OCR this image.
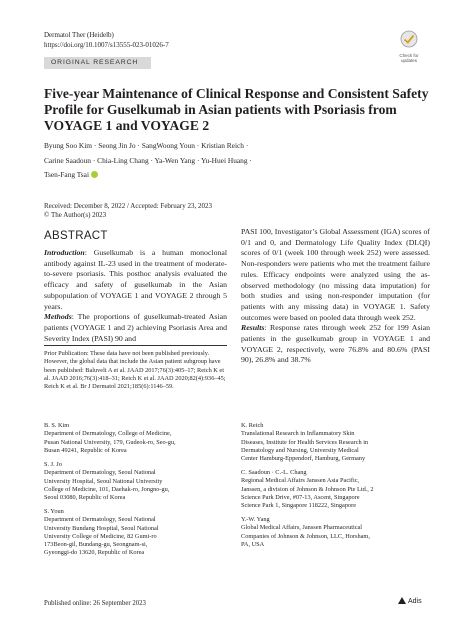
Dermatol Ther (Heidelb)
https://doi.org/10.1007/s13555-023-01026-7
Check for
updates
ORIGINAL RESEARCH
Five-year Maintenance of Clinical Response and Consistent Safety Profile for Guselkumab in Asian patients with Psoriasis from VOYAGE 1 and VOYAGE 2
Byung Soo Kim · Seong Jin Jo · SangWoong Youn · Kristian Reich ·
Carine Saadoun · Chia-Ling Chang · Ya-Wen Yang · Yu-Huei Huang ·
Tsen-Fang Tsai
Received: December 8, 2022 / Accepted: February 23, 2023
© The Author(s) 2023
ABSTRACT

Introduction: Guselkumab is a human monoclonal antibody against IL-23 used in the treatment of moderate-to-severe psoriasis. This posthoc analysis evaluated the efficacy and safety of guselkumab in the Asian subpopulation of VOYAGE 1 and VOYAGE 2 through 5 years.

Methods: The proportions of guselkumab-treated Asian patients (VOYAGE 1 and 2) achieving Psoriasis Area and Severity Index (PASI) 90 and

PASI 100, Investigator’s Global Assessment (IGA) scores of 0/1 and 0, and Dermatology Life Quality Index (DLQI) scores of 0/1 (week 100 through week 252) were assessed. Non-responders were patients who met the treatment failure rules. Efficacy endpoints were analyzed using the as-observed methodology (no missing data imputation) for both studies and using non-responder imputation (for patients with any missing data) in VOYAGE 1. Safety outcomes were based on pooled data through week 252.

Results: Response rates through week 252 for 199 Asian patients in the guselkumab group in VOYAGE 1 and VOYAGE 2, respectively, were 76.8% and 80.6% (PASI 90), 26.8% and 38.7%

Prior Publication: These data have not been published previously. However, the global data that include the Asian patient subgroup have been published: Baluvelt A et al. JAAD 2017;76(3):405–17; Reich K et al. JAAD 2016;76(3):418–31; Reich K et al. JAAD 2020;82(4):936–45; Reich K et al. Br J Dermatol 2021;185(6):1146–59.
B. S. Kim
Department of Dermatology, College of Medicine,
Pusan National University, 179, Gudeok-ro, Seo-gu,
Busan 49241, Republic of Korea
S. J. Jo
Department of Dermatology, Seoul National
University Hospital, Seoul National University
College of Medicine, 101, Daehak-ro, Jongno-gu,
Seoul 03080, Republic of Korea
S. Youn
Department of Dermatology, Seoul National
University Bundang Hospital, Seoul National
University College of Medicine, 82 Gumi-ro
173Beon-gil, Bundang-gu, Seongnam-si,
Gyeonggi-do 13620, Republic of Korea
K. Reich
Translational Research in Inflammatory Skin
Diseases, Institute for Health Services Research in
Dermatology and Nursing, University Medical
Center Hamburg-Eppendorf, Hamburg, Germany
C. Saadoun · C.-L. Chang
Regional Medical Affairs Janssen Asia Pacific,
Janssen, a division of Johnson & Johnson Pte Ltd., 2
Science Park Drive, #07-13, Ascent, Singapore
Science Park 1, Singapore 118222, Singapore
Y.-W. Yang
Global Medical Affairs, Janssen Pharmaceutical
Companies of Johnson & Johnson, LLC, Horsham,
PA, USA
Published online: 26 September 2023	Adis
